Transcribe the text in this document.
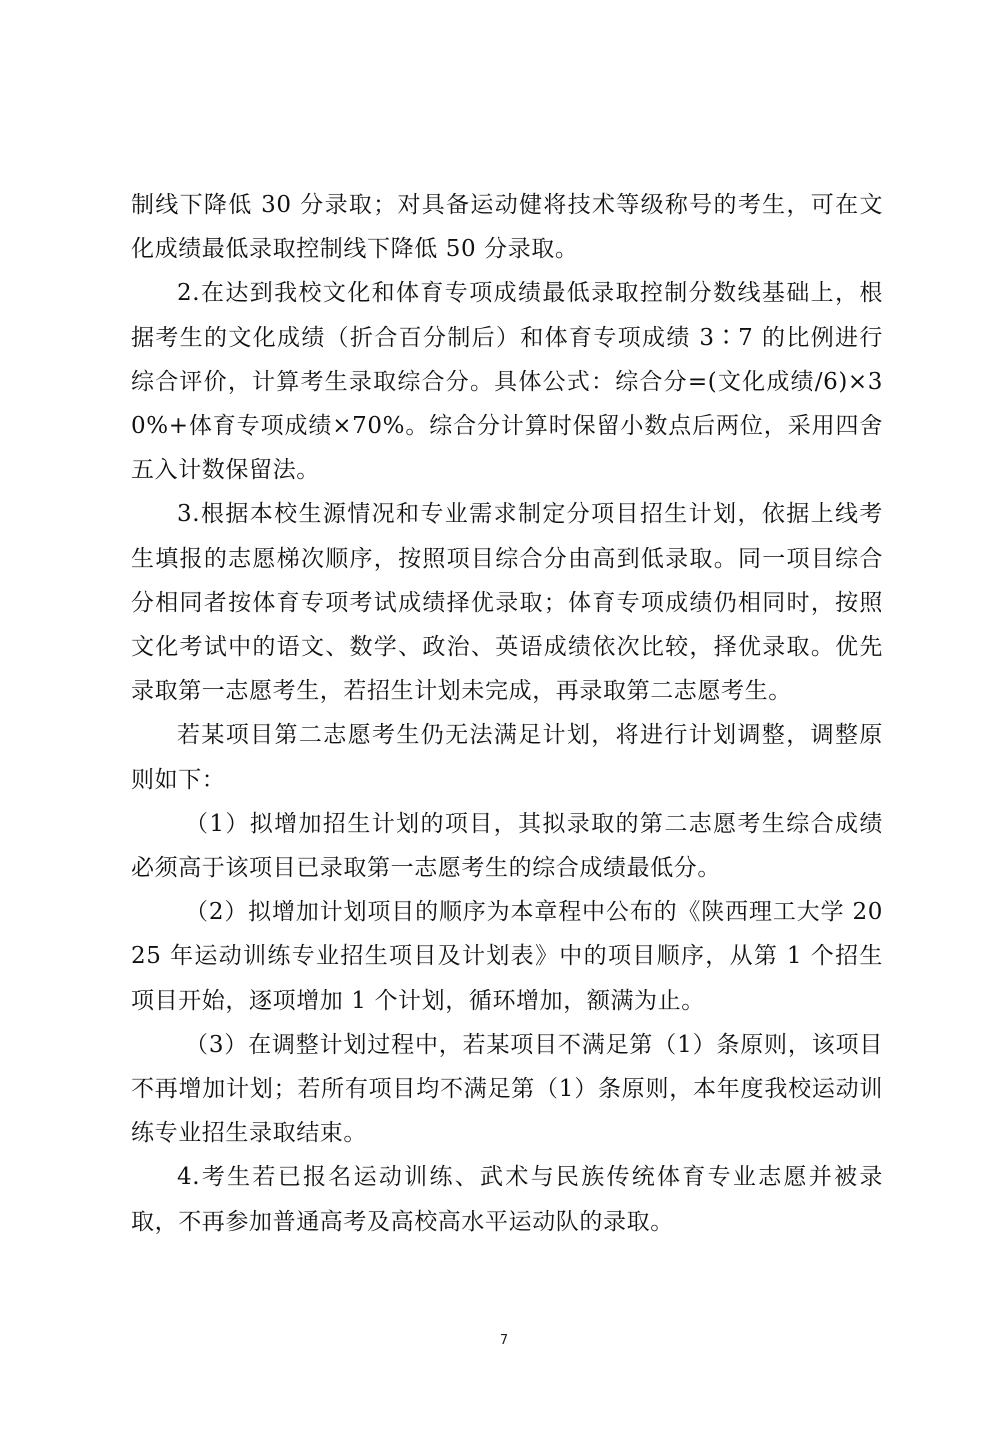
制线下降低 30 分录取；对具备运动健将技术等级称号的考生，可在文化成绩最低录取控制线下降低 50 分录取。

2.在达到我校文化和体育专项成绩最低录取控制分数线基础上，根据考生的文化成绩（折合百分制后）和体育专项成绩 3∶7 的比例进行综合评价，计算考生录取综合分。具体公式：综合分=(文化成绩/6)×30%+体育专项成绩×70%。综合分计算时保留小数点后两位，采用四舍五入计数保留法。

3.根据本校生源情况和专业需求制定分项目招生计划，依据上线考生填报的志愿梯次顺序，按照项目综合分由高到低录取。同一项目综合分相同者按体育专项考试成绩择优录取；体育专项成绩仍相同时，按照文化考试中的语文、数学、政治、英语成绩依次比较，择优录取。优先录取第一志愿考生，若招生计划未完成，再录取第二志愿考生。

若某项目第二志愿考生仍无法满足计划，将进行计划调整，调整原则如下：

（1）拟增加招生计划的项目，其拟录取的第二志愿考生综合成绩必须高于该项目已录取第一志愿考生的综合成绩最低分。

（2）拟增加计划项目的顺序为本章程中公布的《陕西理工大学 2025 年运动训练专业招生项目及计划表》中的项目顺序，从第 1 个招生项目开始，逐项增加 1 个计划，循环增加，额满为止。

（3）在调整计划过程中，若某项目不满足第（1）条原则，该项目不再增加计划；若所有项目均不满足第（1）条原则，本年度我校运动训练专业招生录取结束。

4.考生若已报名运动训练、武术与民族传统体育专业志愿并被录取，不再参加普通高考及高校高水平运动队的录取。

7
